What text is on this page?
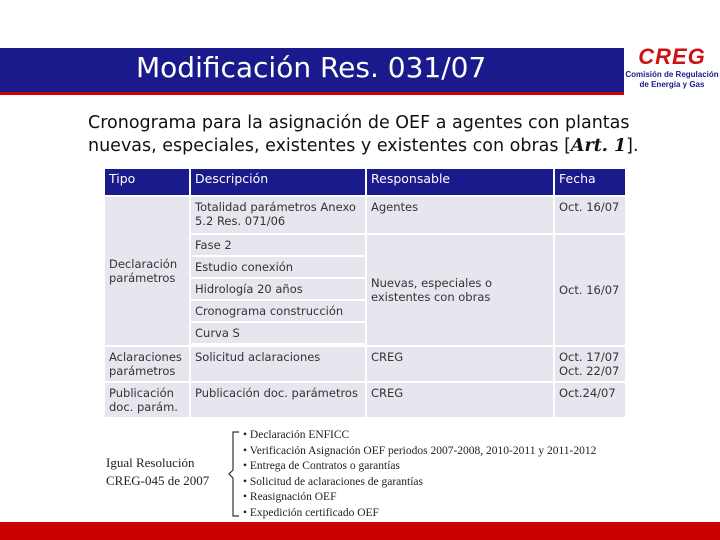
Modificación Res. 031/07	CREG
Comisión de Regulación
de Energía y Gas
Cronograma para la asignación de OEF a agentes con plantas
nuevas, especiales, existentes y existentes con obras [Art. 1].
Tipo	Descripción	Responsable	Fecha
Declaración parámetros	Totalidad parámetros Anexo 5.2 Res. 071/06	Agentes	Oct. 16/07
	Fase 2	Nuevas, especiales o existentes con obras	Oct. 16/07
	Estudio conexión		
	Hidrología 20 años		
	Cronograma construcción		
	Curva S		

Aclaraciones parámetros	Solicitud aclaraciones	CREG	Oct. 17/07
Oct. 22/07
Publicación doc. parám.	Publicación doc. parámetros	CREG	Oct.24/07
Igual Resolución
CREG-045 de 2007
• Declaración ENFICC
• Verificación Asignación OEF periodos 2007-2008, 2010-2011 y 2011-2012
• Entrega de Contratos o garantías
• Solicitud de aclaraciones de garantías
• Reasignación OEF
• Expedición certificado OEF
